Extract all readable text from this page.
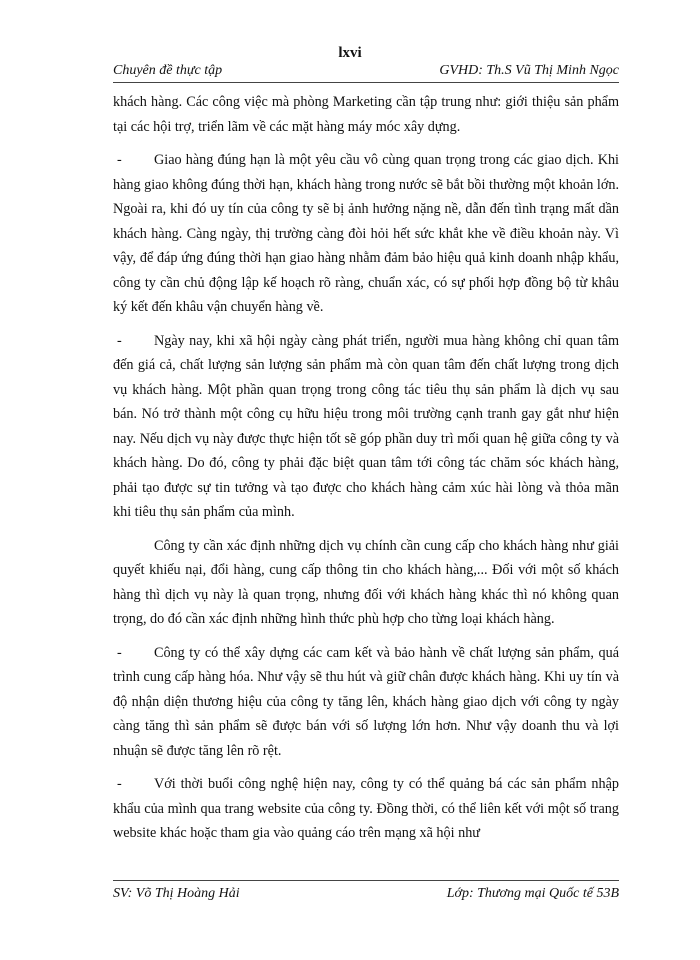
lxvi
Chuyên đề thực tập	GVHD: Th.S Vũ Thị Minh Ngọc

khách hàng. Các công việc mà phòng Marketing cần tập trung như: giới thiệu sản phẩm tại các hội trợ, triển lãm về các mặt hàng máy móc xây dựng.

- Giao hàng đúng hạn là một yêu cầu vô cùng quan trọng trong các giao dịch. Khi hàng giao không đúng thời hạn, khách hàng trong nước sẽ bắt bồi thường một khoản lớn. Ngoài ra, khi đó uy tín của công ty sẽ bị ảnh hưởng nặng nề, dẫn đến tình trạng mất dần khách hàng. Càng ngày, thị trường càng đòi hỏi hết sức khắt khe về điều khoản này. Vì vậy, để đáp ứng đúng thời hạn giao hàng nhằm đảm bảo hiệu quả kinh doanh nhập khẩu, công ty cần chủ động lập kế hoạch rõ ràng, chuẩn xác, có sự phối hợp đồng bộ từ khâu ký kết đến khâu vận chuyển hàng về.

- Ngày nay, khi xã hội ngày càng phát triển, người mua hàng không chỉ quan tâm đến giá cả, chất lượng sản lượng sản phẩm mà còn quan tâm đến chất lượng trong dịch vụ khách hàng. Một phần quan trọng trong công tác tiêu thụ sản phẩm là dịch vụ sau bán. Nó trở thành một công cụ hữu hiệu trong môi trường cạnh tranh gay gắt như hiện nay. Nếu dịch vụ này được thực hiện tốt sẽ góp phần duy trì mối quan hệ giữa công ty và khách hàng. Do đó, công ty phải đặc biệt quan tâm tới công tác chăm sóc khách hàng, phải tạo được sự tin tưởng và tạo được cho khách hàng cảm xúc hài lòng và thỏa mãn khi tiêu thụ sản phẩm của mình.

Công ty cần xác định những dịch vụ chính cần cung cấp cho khách hàng như giải quyết khiếu nại, đổi hàng, cung cấp thông tin cho khách hàng,... Đối với một số khách hàng thì dịch vụ này là quan trọng, nhưng đối với khách hàng khác thì nó không quan trọng, do đó cần xác định những hình thức phù hợp cho từng loại khách hàng.

- Công ty có thể xây dựng các cam kết và bảo hành về chất lượng sản phẩm, quá trình cung cấp hàng hóa. Như vậy sẽ thu hút và giữ chân được khách hàng. Khi uy tín và độ nhận diện thương hiệu của công ty tăng lên, khách hàng giao dịch với công ty ngày càng tăng thì sản phẩm sẽ được bán với số lượng lớn hơn. Như vậy doanh thu và lợi nhuận sẽ được tăng lên rõ rệt.

- Với thời buổi công nghệ hiện nay, công ty có thể quảng bá các sản phẩm nhập khẩu của mình qua trang website của công ty. Đồng thời, có thể liên kết với một số trang website khác hoặc tham gia vào quảng cáo trên mạng xã hội như

SV: Võ Thị Hoàng Hải	Lớp: Thương mại Quốc tế 53B
